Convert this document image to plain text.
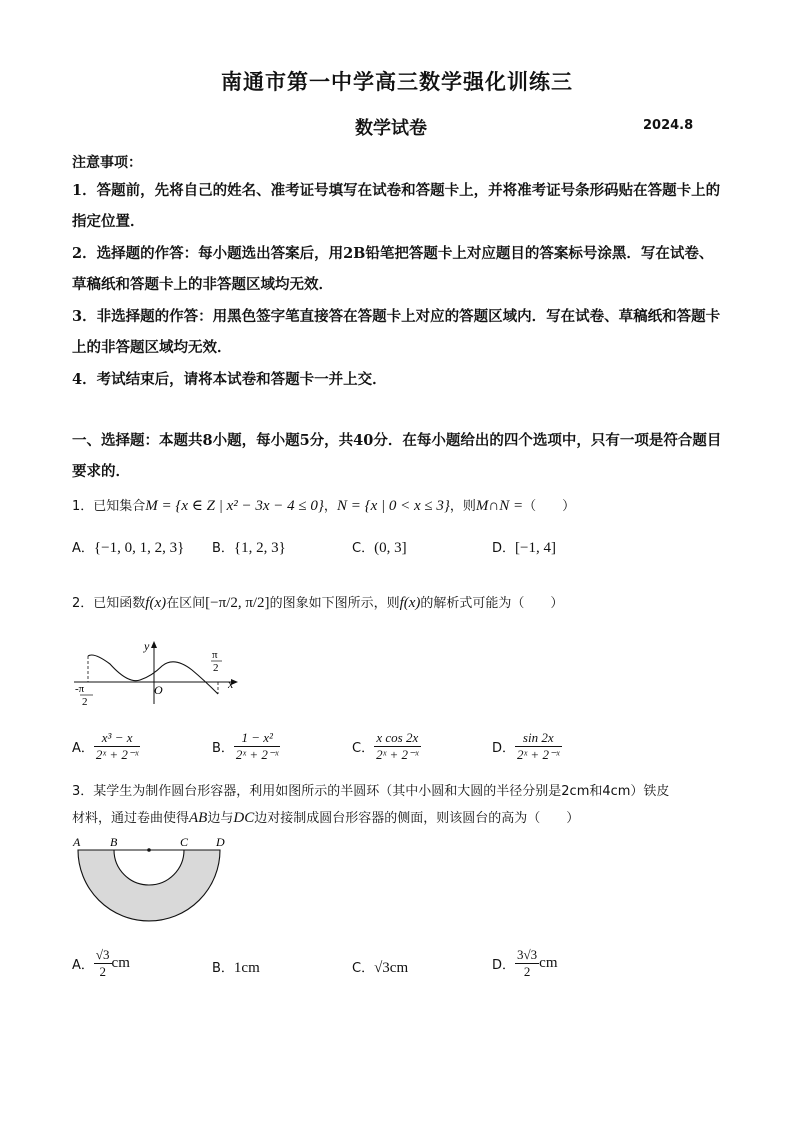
南通市第一中学高三数学强化训练三
数学试卷	2024.8
注意事项：
1．答题前，先将自己的姓名、准考证号填写在试卷和答题卡上，并将准考证号条形码贴在答题卡上的指定位置．
2．选择题的作答：每小题选出答案后，用2B铅笔把答题卡上对应题目的答案标号涂黑．写在试卷、草稿纸和答题卡上的非答题区域均无效．
3．非选择题的作答：用黑色签字笔直接答在答题卡上对应的答题区域内．写在试卷、草稿纸和答题卡上的非答题区域均无效．
4．考试结束后，请将本试卷和答题卡一并上交．
一、选择题：本题共8小题，每小题5分，共40分．在每小题给出的四个选项中，只有一项是符合题目要求的．
1．已知集合M = {x ∈ Z | x² − 3x − 4 ≤ 0}，N = {x | 0 < x ≤ 3}，则M∩N =（　　）
A．{−1, 0, 1, 2, 3} B．{1, 2, 3}	C．(0, 3]	D．[−1, 4]
2．已知函数f(x)在区间[−π/2, π/2]的图象如下图所示，则f(x)的解析式可能为（　　）
y
x
O
π
2
-π
2
A． $\frac{\text{x³ − x}}{\text{2ˣ + 2⁻ˣ}}$	B． $\frac{\text{1 − x²}}{\text{2ˣ + 2⁻ˣ}}$	C． $\frac{\text{x cos 2x}}{\text{2ˣ + 2⁻ˣ}}$	D． $\frac{\sin 2x}{\text{2ˣ + 2⁻ˣ}}$
3．某学生为制作圆台形容器，利用如图所示的半圆环（其中小圆和大圆的半径分别是2cm和4cm）铁皮
材料，通过卷曲使得AB边与DC边对接制成圆台形容器的侧面，则该圆台的高为（　　）
A B	C D
A． $\frac{√3}{2}$ cm	B．1cm	C．√3cm	D． $\frac{3√3}{2}$ cm
